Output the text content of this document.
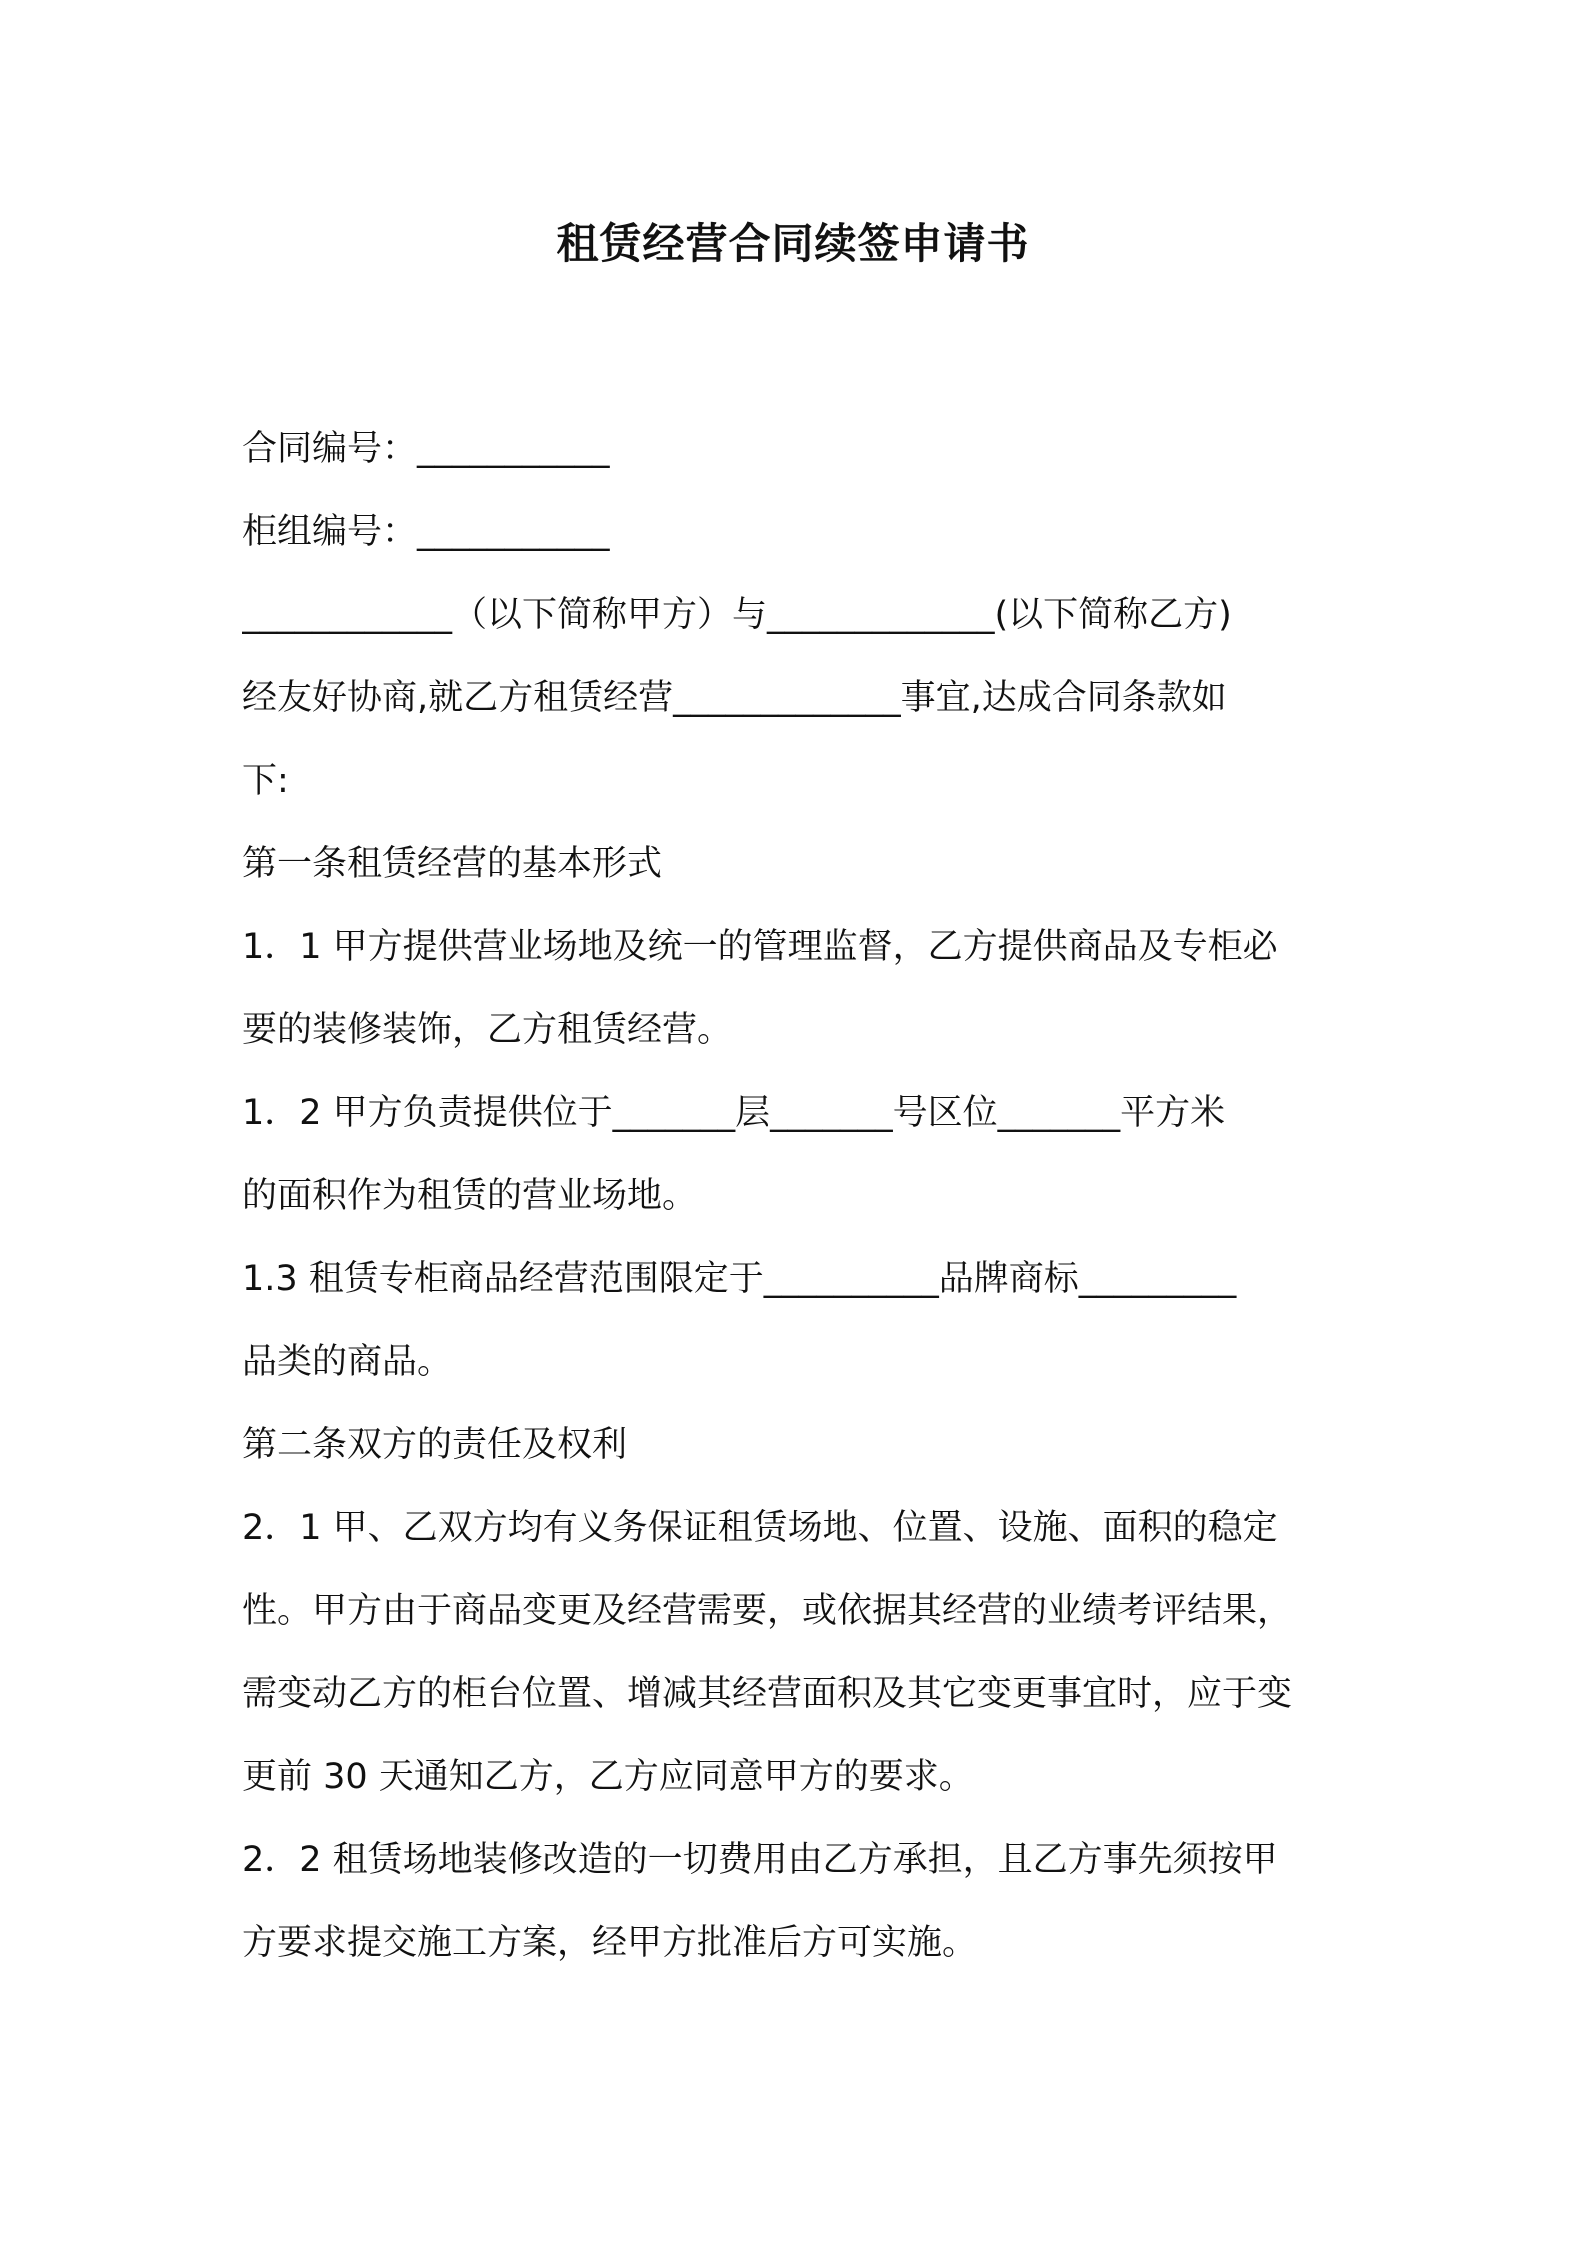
租赁经营合同续签申请书
合同编号：___________
柜组编号：___________
____________（以下简称甲方）与_____________(以下简称乙方)
经友好协商,就乙方租赁经营_____________事宜,达成合同条款如
下:
第一条租赁经营的基本形式
1．1 甲方提供营业场地及统一的管理监督，乙方提供商品及专柜必
要的装修装饰，乙方租赁经营。
1．2 甲方负责提供位于_______层_______号区位_______平方米
的面积作为租赁的营业场地。
1.3 租赁专柜商品经营范围限定于__________品牌商标_________
品类的商品。
第二条双方的责任及权利
2．1 甲、乙双方均有义务保证租赁场地、位置、设施、面积的稳定
性。甲方由于商品变更及经营需要，或依据其经营的业绩考评结果，
需变动乙方的柜台位置、增减其经营面积及其它变更事宜时，应于变
更前 30 天通知乙方，乙方应同意甲方的要求。
2．2 租赁场地装修改造的一切费用由乙方承担，且乙方事先须按甲
方要求提交施工方案，经甲方批准后方可实施。
